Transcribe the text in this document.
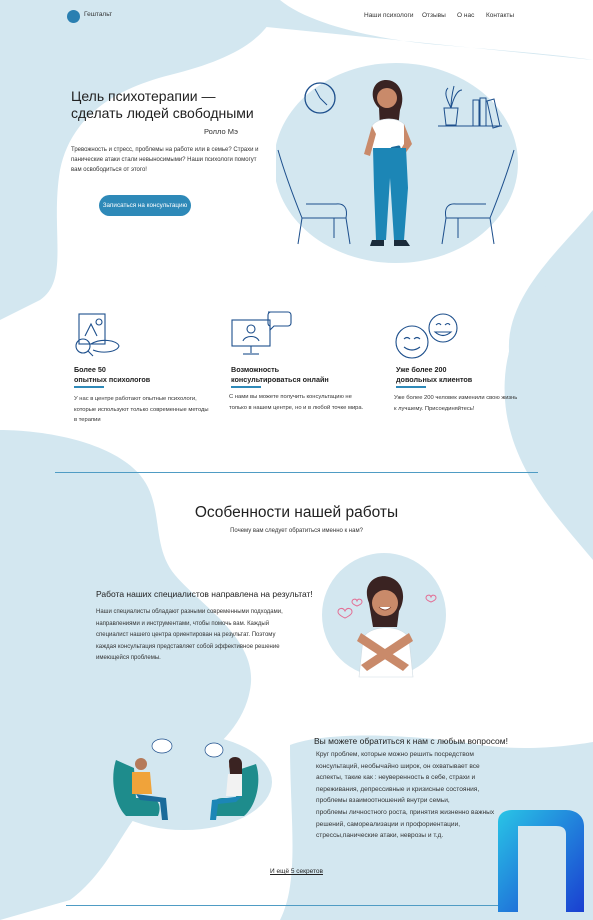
Гештальт	Наши психологи Отзывы О нас Контакты
Цель психотерапии —
сделать людей свободными
Ролло Мэ
Тревожность и стресс, проблемы на работе или в семье? Страхи и панические атаки стали невыносимыми? Наши психологи помогут вам освободиться от этого!
Записаться на консультацию
Более 50
опытных психологов
У нас в центре работают опытные психологи, которые используют только современные методы в терапии
Возможность
консультироваться онлайн
С нами вы можете получить консультацию не только в нашем центре, но и в любой точке мира.
Уже более 200
довольных клиентов
Уже более 200 человек изменили свою жизнь к лучшему. Присоединяйтесь!
Особенности нашей работы
Почему вам следует обратиться именно к нам?
Работа наших специалистов направлена на результат!
Наши специалисты обладают разными современными подходами, направлениями и инструментами, чтобы помочь вам. Каждый специалист нашего центра ориентирован на результат. Поэтому каждая консультация представляет собой эффективное решение имеющейся проблемы.
Вы можете обратиться к нам с любым вопросом!
Круг проблем, которые можно решить посредством
консультаций, необычайно широк, он охватывает все
аспекты, такие как : неуверенность в себе, страхи и
переживания, депрессивные и кризисные состояния,
проблемы взаимоотношений внутри семьи,
проблемы личностного роста, принятия жизненно важных
решений, самореализации и профориентации,
стрессы,панические атаки, неврозы и т.д.
И ещё 5 секретов
